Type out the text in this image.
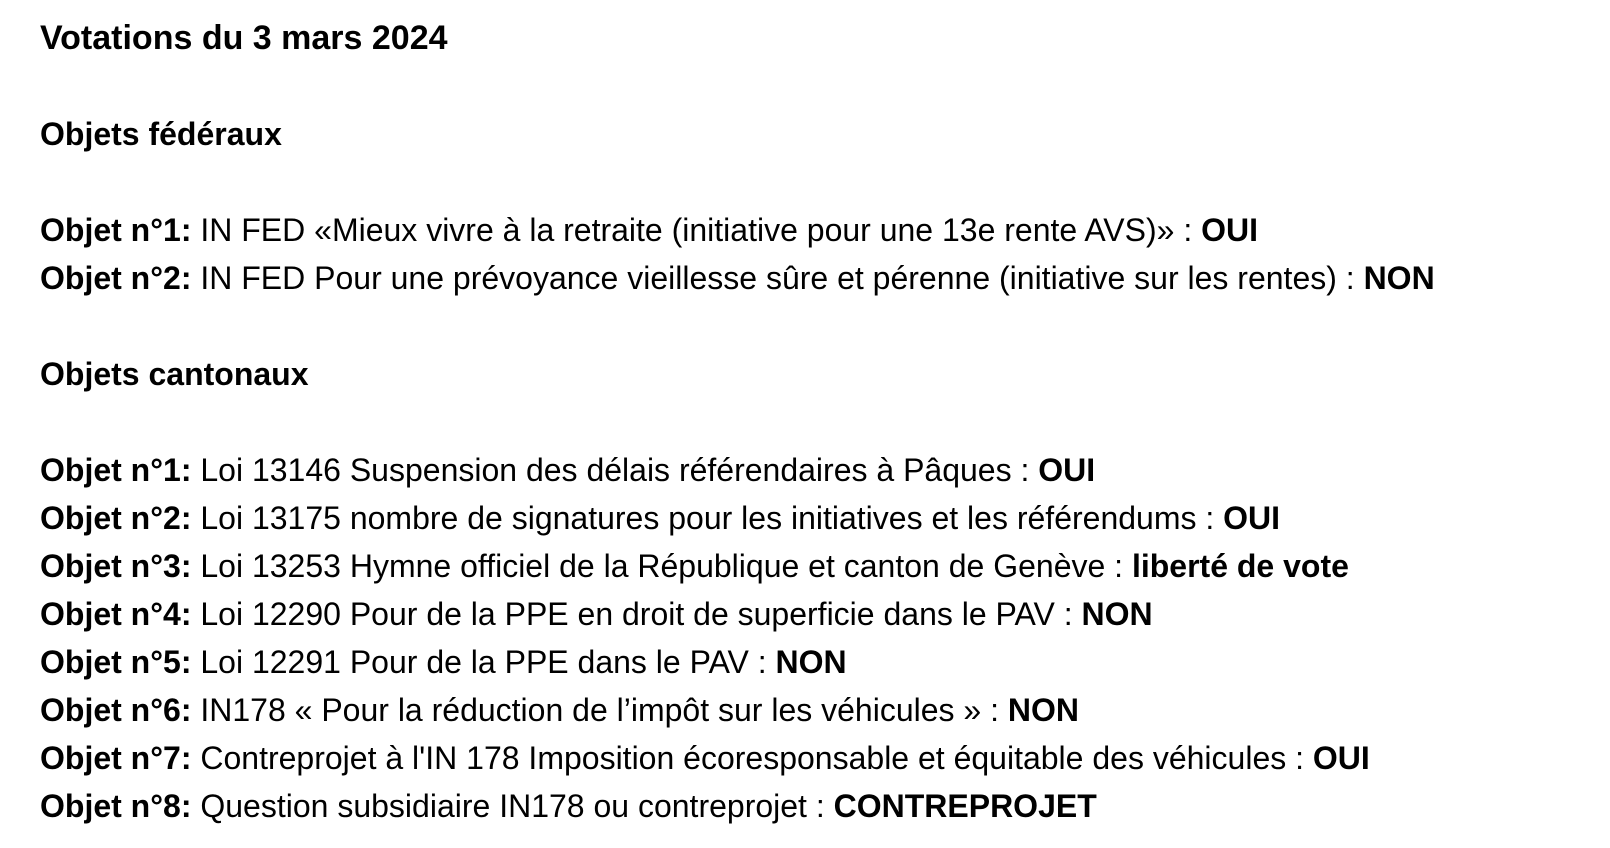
Votations du 3 mars 2024
Objets fédéraux
Objet n°1: IN FED «Mieux vivre à la retraite (initiative pour une 13e rente AVS)» : OUI
Objet n°2: IN FED Pour une prévoyance vieillesse sûre et pérenne (initiative sur les rentes) : NON
Objets cantonaux
Objet n°1: Loi 13146 Suspension des délais référendaires à Pâques : OUI
Objet n°2: Loi 13175 nombre de signatures pour les initiatives et les référendums : OUI
Objet n°3: Loi 13253 Hymne officiel de la République et canton de Genève : liberté de vote
Objet n°4: Loi 12290 Pour de la PPE en droit de superficie dans le PAV : NON
Objet n°5: Loi 12291 Pour de la PPE dans le PAV : NON
Objet n°6: IN178 « Pour la réduction de l’impôt sur les véhicules » : NON
Objet n°7: Contreprojet à l'IN 178 Imposition écoresponsable et équitable des véhicules : OUI
Objet n°8: Question subsidiaire IN178 ou contreprojet : CONTREPROJET
